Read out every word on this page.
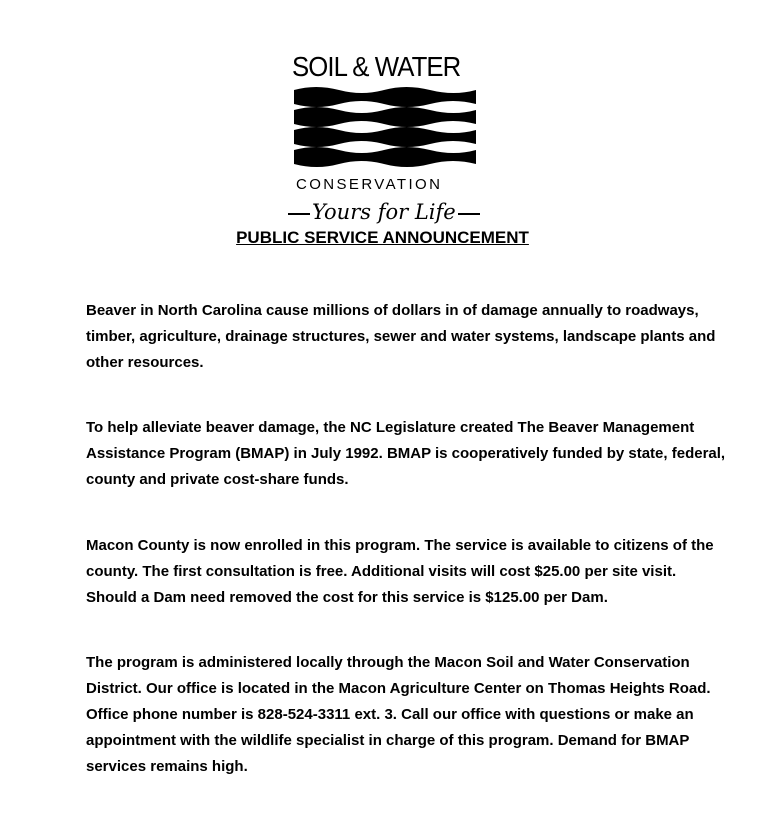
SOIL & WATER
CONSERVATION
Yours for Life
PUBLIC SERVICE ANNOUNCEMENT
Beaver in North Carolina cause millions of dollars in of damage annually to roadways, timber, agriculture, drainage structures, sewer and water systems, landscape plants and other resources.
To help alleviate beaver damage, the NC Legislature created The Beaver Management Assistance Program (BMAP) in July 1992. BMAP is cooperatively funded by state, federal, county and private cost-share funds.
Macon County is now enrolled in this program. The service is available to citizens of the county. The first consultation is free. Additional visits will cost $25.00 per site visit. Should a Dam need removed the cost for this service is $125.00 per Dam.
The program is administered locally through the Macon Soil and Water Conservation District. Our office is located in the Macon Agriculture Center on Thomas Heights Road. Office phone number is 828-524-3311 ext. 3. Call our office with questions or make an appointment with the wildlife specialist in charge of this program. Demand for BMAP services remains high.
